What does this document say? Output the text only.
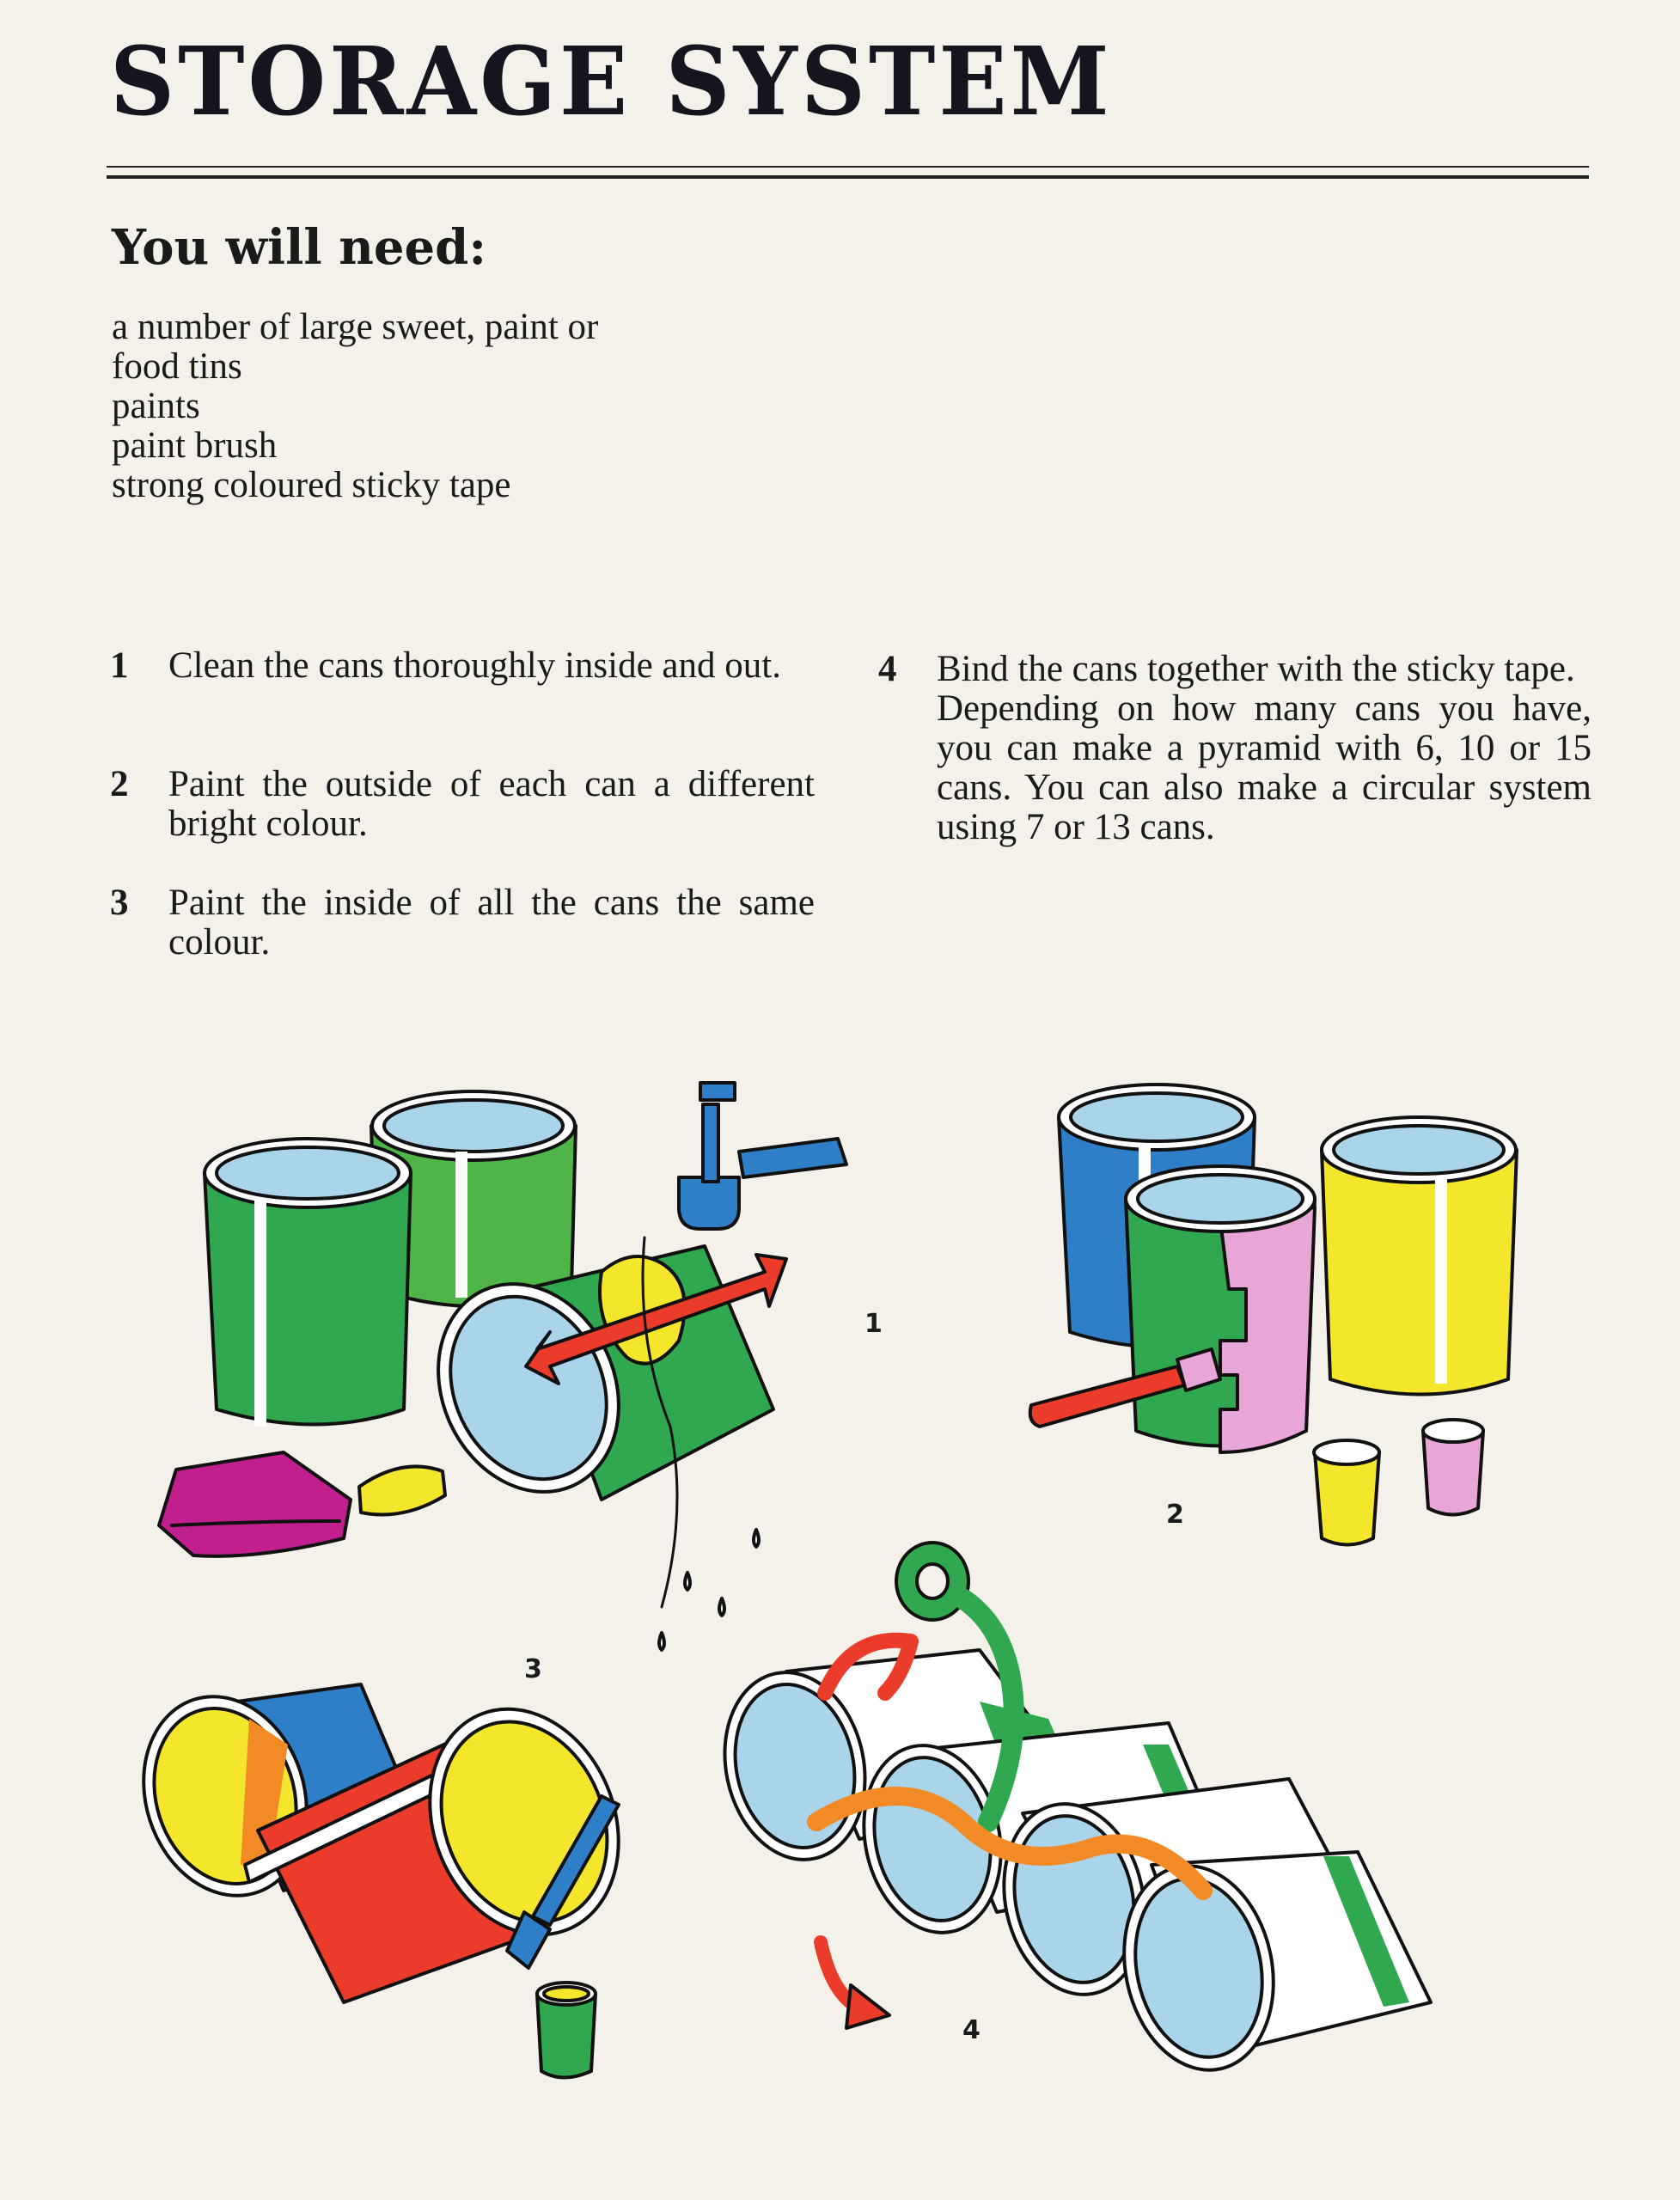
STORAGE SYSTEM
You will need:
a number of large sweet, paint or
food tins
paints
paint brush
strong coloured sticky tape
1 Clean the cans thoroughly inside and out.
2 Paint the outside of each can a different bright colour.
3 Paint the inside of all the cans the same colour.
4 Bind the cans together with the sticky tape.
Depending on how many cans you have, you can make a pyramid with 6, 10 or 15 cans. You can also make a circular system using 7 or 13 cans.
1
2
3
4
